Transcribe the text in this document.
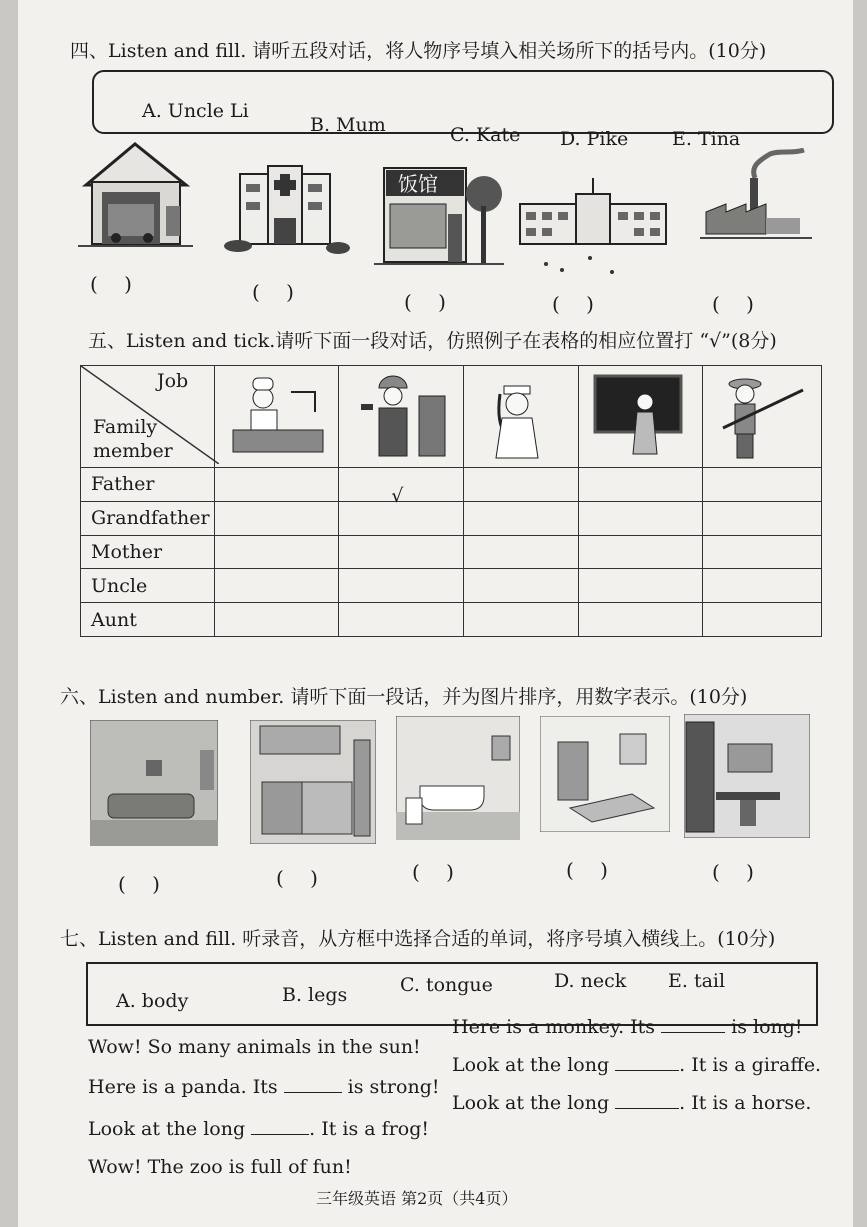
四、Listen and fill. 请听五段对话，将人物序号填入相关场所下的括号内。(10分)
A. Uncle Li
B. Mum	C. Kate D. Pike E. Tina
饭馆
(　 )	(　 )	(　 )	(　 )	(　 )
五、Listen and tick.请听下面一段对话，仿照例子在表格的相应位置打 “√”(8分)
Job
Family
member

Father		√			
Grandfather					
Mother					
Uncle					
Aunt					
六、Listen and number. 请听下面一段话，并为图片排序，用数字表示。(10分)
(　 )	(　 )	(　 )	(　 )	(　 )
七、Listen and fill. 听录音，从方框中选择合适的单词，将序号填入横线上。(10分)
A. body	B. legs	C. tongue	D. neck E. tail
Wow! So many animals in the sun!
Here is a panda. Its	is strong!
Look at the long	. It is a frog!
Wow! The zoo is full of fun!
Here is a monkey. Its	is long!
Look at the long	. It is a giraffe.
Look at the long	. It is a horse.
三年级英语 第2页（共4页）
